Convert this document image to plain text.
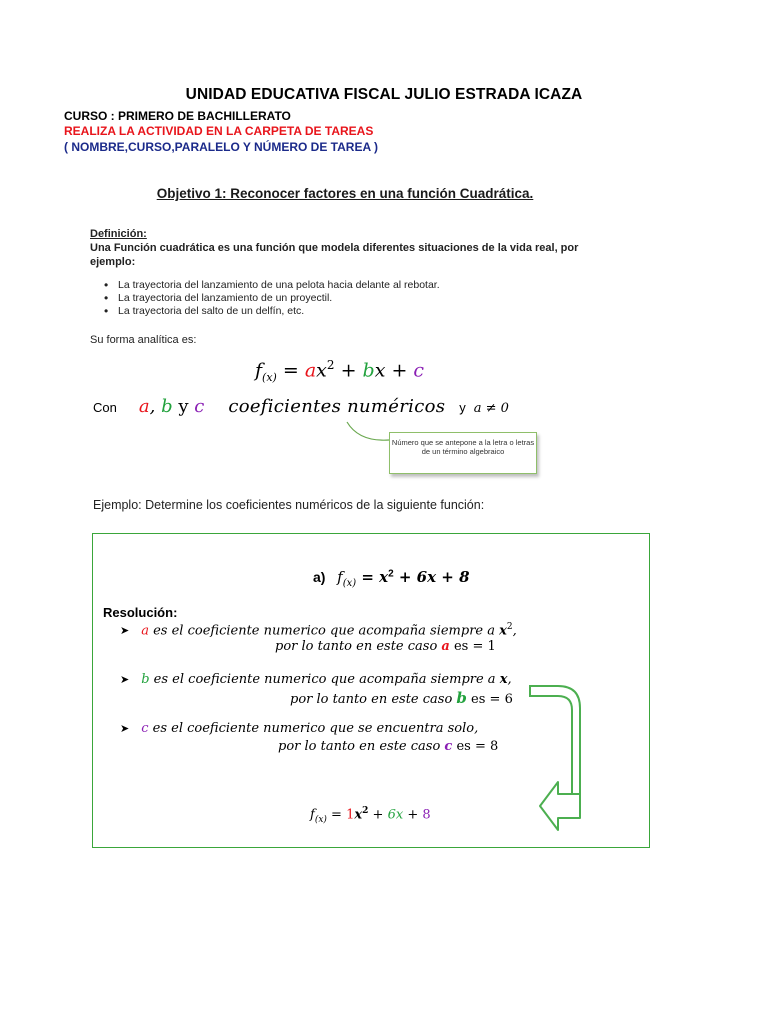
UNIDAD EDUCATIVA FISCAL JULIO ESTRADA ICAZA
CURSO : PRIMERO DE BACHILLERATO
REALIZA LA ACTIVIDAD EN LA CARPETA DE TAREAS
( NOMBRE,CURSO,PARALELO Y NÚMERO DE TAREA )
Objetivo 1: Reconocer factores en una función Cuadrática.
Definición:
Una Función cuadrática es una función que modela diferentes situaciones de la vida real, por ejemplo:
• La trayectoria del lanzamiento de una pelota hacia delante al rebotar.
• La trayectoria del lanzamiento de un proyectil.
• La trayectoria del salto de un delfín, etc.
Su forma analítica es:
$f_{(x)} = ax^2$ + bx + c
Con a, b y c coeficientes numéricos y a ≠ 0
Número que se antepone a la letra o letras de un término algebraico
Ejemplo: Determine los coeficientes numéricos de la siguiente función:
a) $f_{(x)} = x^2 + 6x + 8$
Resolución:
➤ a es el coeficiente numerico que acompaña siempre a $x^2$,
por lo tanto en este caso a es = 1
➤ b es el coeficiente numerico que acompaña siempre a x,
por lo tanto en este caso b es = 6
➤ c es el coeficiente numerico que se encuentra solo,
por lo tanto en este caso c es = 8
$f_{(x)} = 1x^2 + 6x + 8$
